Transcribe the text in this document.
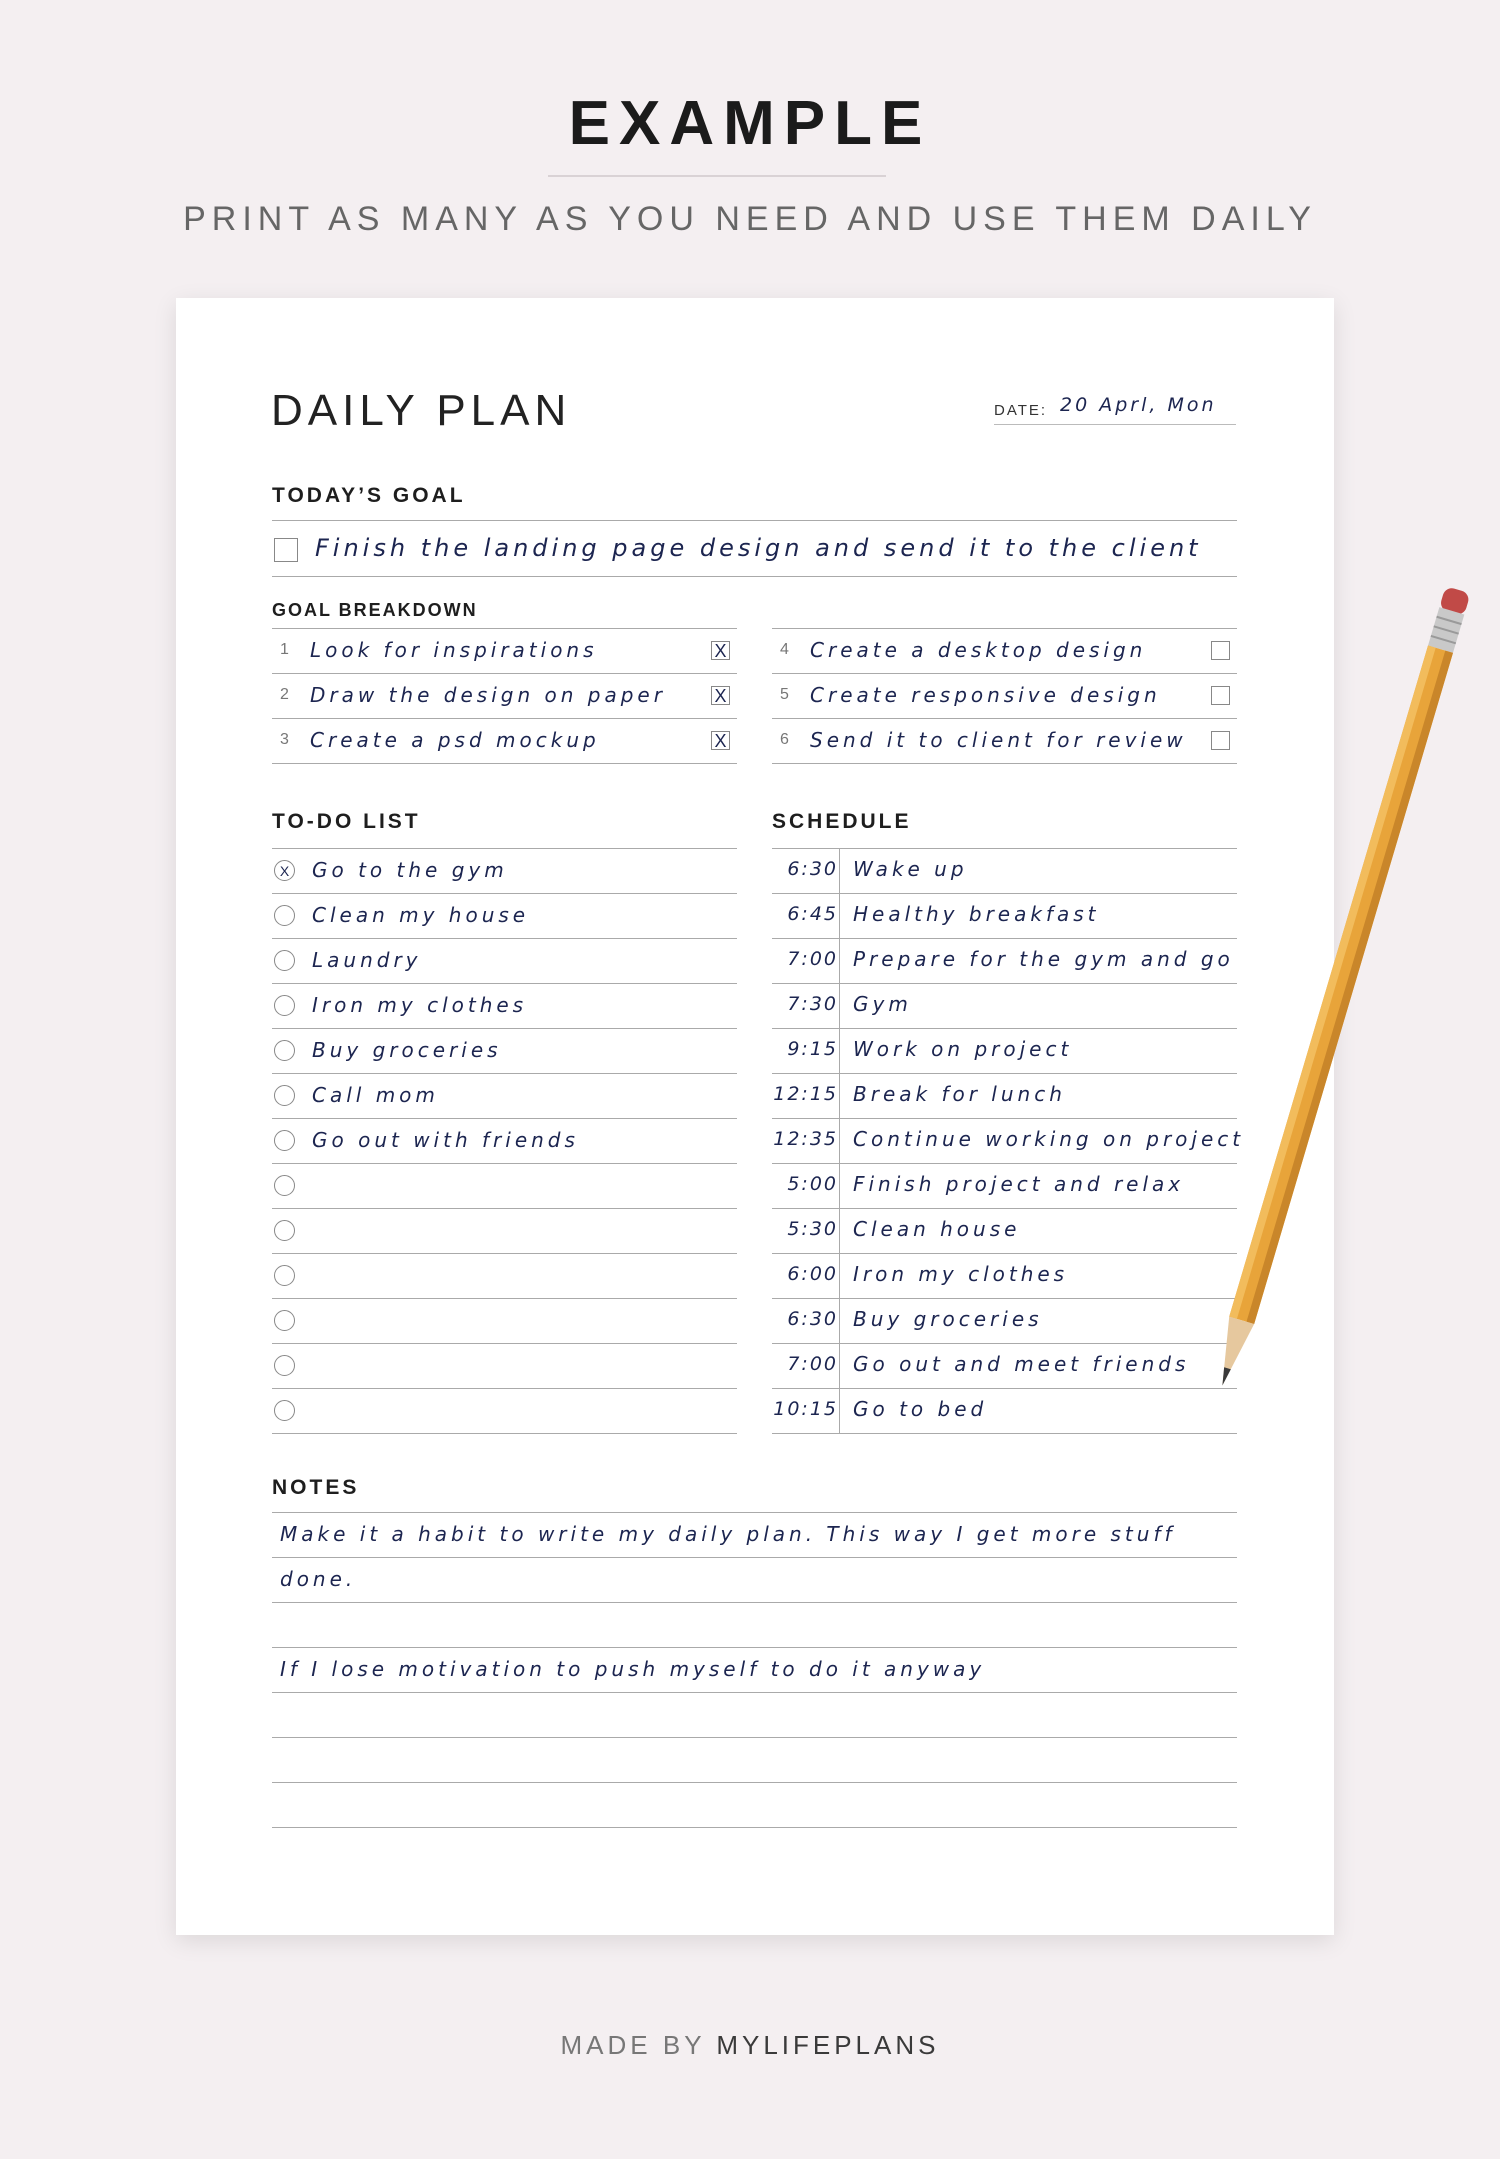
EXAMPLE
PRINT AS MANY AS YOU NEED AND USE THEM DAILY
DAILY PLAN	DATE: 20 Aprl, Mon
TODAY’S GOAL
Finish the landing page design and send it to the client
GOAL BREAKDOWN
1 Look for inspirations	X
2 Draw the design on paper	X
3 Create a psd mockup	X
4 Create a desktop design
5 Create responsive design
6 Send it to client for review
TO-DO LIST
X Go to the gym
Clean my house
Laundry
Iron my clothes
Buy groceries
Call mom
Go out with friends
SCHEDULE
6:30 Wake up
6:45 Healthy breakfast
7:00 Prepare for the gym and go
7:30 Gym
9:15 Work on project
12:15 Break for lunch
12:35 Continue working on project
5:00 Finish project and relax
5:30 Clean house
6:00 Iron my clothes
6:30 Buy groceries
7:00 Go out and meet friends
10:15 Go to bed
NOTES
Make it a habit to write my daily plan. This way I get more stuff
done.
If I lose motivation to push myself to do it anyway
MADE BY MYLIFEPLANS
